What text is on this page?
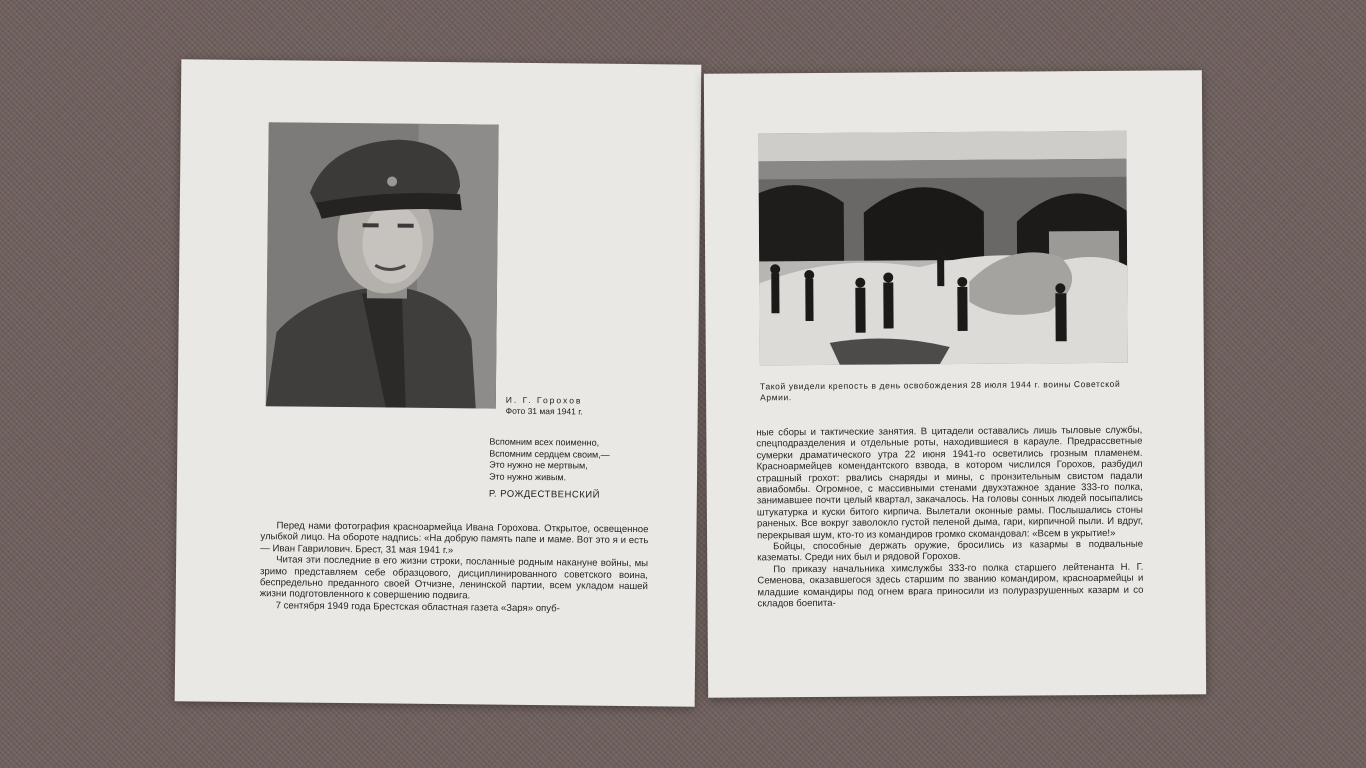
И. Г. Горохов
Фото 31 мая 1941 г.
Вспомним всех поименно,
Вспомним сердцем своим,—
Это нужно не мертвым,
Это нужно живым.
Р. РОЖДЕСТВЕНСКИЙ

Перед нами фотография красноармейца Ивана Горохова. Открытое, освещенное улыбкой лицо. На обороте надпись: «На добрую память папе и маме. Вот это я и есть — Иван Гаврилович. Брест, 31 мая 1941 г.»

Читая эти последние в его жизни строки, посланные родным накануне войны, мы зримо представляем себе образцового, дисциплинированного советского воина, беспредельно преданного своей Отчизне, ленинской партии, всем укладом нашей жизни подготовленного к совершению подвига.

7 сентября 1949 года Брестская областная газета «Заря» опуб-

Такой увидели крепость в день освобождения 28 июля 1944 г. воины Советской Армии.

ные сборы и тактические занятия. В цитадели оставались лишь тыловые службы, спецподразделения и отдельные роты, находившиеся в карауле. Предрассветные сумерки драматического утра 22 июня 1941-го осветились грозным пламенем. Красноармейцев комендантского взвода, в котором числился Горохов, разбудил страшный грохот: рвались снаряды и мины, с пронзительным свистом падали авиабомбы. Огромное, с массивными стенами двухэтажное здание 333-го полка, занимавшее почти целый квартал, закачалось. На головы сонных людей посыпались штукатурка и куски битого кирпича. Вылетали оконные рамы. Послышались стоны раненых. Все вокруг заволокло густой пеленой дыма, гари, кирпичной пыли. И вдруг, перекрывая шум, кто-то из командиров громко скомандовал: «Всем в укрытие!»

Бойцы, способные держать оружие, бросились из казармы в подвальные казематы. Среди них был и рядовой Горохов.

По приказу начальника химслужбы 333-го полка старшего лейтенанта Н. Г. Семенова, оказавшегося здесь старшим по званию командиром, красноармейцы и младшие командиры под огнем врага приносили из полуразрушенных казарм и со складов боепита-
